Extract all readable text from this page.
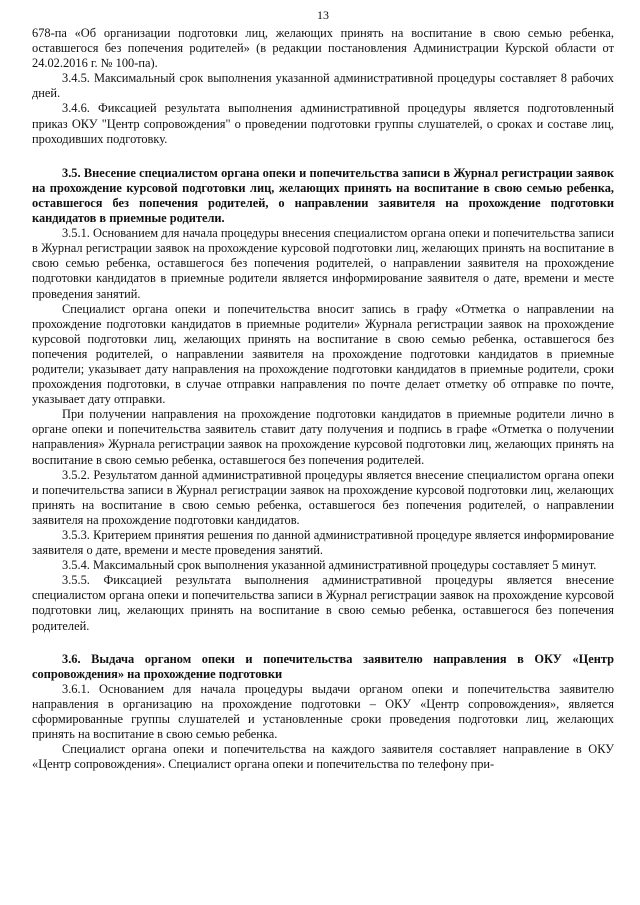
13

678-па «Об организации подготовки лиц, желающих принять на воспитание в свою семью ребенка, оставшегося без попечения родителей» (в редакции постановления Администрации Курской области от 24.02.2016 г. № 100-па).

3.4.5. Максимальный срок выполнения указанной административной процедуры составляет 8 рабочих дней.

3.4.6. Фиксацией результата выполнения административной процедуры является подготовленный приказ ОКУ "Центр сопровождения" о проведении подготовки группы слушателей, о сроках и составе лиц, проходивших подготовку.

3.5. Внесение специалистом органа опеки и попечительства записи в Журнал регистрации заявок на прохождение курсовой подготовки лиц, желающих принять на воспитание в свою семью ребенка, оставшегося без попечения родителей, о направлении заявителя на прохождение подготовки кандидатов в приемные родители.

3.5.1. Основанием для начала процедуры внесения специалистом органа опеки и попечительства записи в Журнал регистрации заявок на прохождение курсовой подготовки лиц, желающих принять на воспитание в свою семью ребенка, оставшегося без попечения родителей, о направлении заявителя на прохождение подготовки кандидатов в приемные родители является информирование заявителя о дате, времени и месте проведения занятий.

Специалист органа опеки и попечительства вносит запись в графу «Отметка о направлении на прохождение подготовки кандидатов в приемные родители» Журнала регистрации заявок на прохождение курсовой подготовки лиц, желающих принять на воспитание в свою семью ребенка, оставшегося без попечения родителей, о направлении заявителя на прохождение подготовки кандидатов в приемные родители; указывает дату направления на прохождение подготовки кандидатов в приемные родители, сроки прохождения подготовки, в случае отправки направления по почте делает отметку об отправке по почте, указывает дату отправки.

При получении направления на прохождение подготовки кандидатов в приемные родители лично в органе опеки и попечительства заявитель ставит дату получения и подпись в графе «Отметка о получении направления» Журнала регистрации заявок на прохождение курсовой подготовки лиц, желающих принять на воспитание в свою семью ребенка, оставшегося без попечения родителей.

3.5.2. Результатом данной административной процедуры является внесение специалистом органа опеки и попечительства записи в Журнал регистрации заявок на прохождение курсовой подготовки лиц, желающих принять на воспитание в свою семью ребенка, оставшегося без попечения родителей, о направлении заявителя на прохождение подготовки кандидатов.

3.5.3. Критерием принятия решения по данной административной процедуре является информирование заявителя о дате, времени и месте проведения занятий.

3.5.4. Максимальный срок выполнения указанной административной процедуры составляет 5 минут.

3.5.5. Фиксацией результата выполнения административной процедуры является внесение специалистом органа опеки и попечительства записи в Журнал регистрации заявок на прохождение курсовой подготовки лиц, желающих принять на воспитание в свою семью ребенка, оставшегося без попечения родителей.

3.6. Выдача органом опеки и попечительства заявителю направления в ОКУ «Центр сопровождения» на прохождение подготовки

3.6.1. Основанием для начала процедуры выдачи органом опеки и попечительства заявителю направления в организацию на прохождение подготовки – ОКУ «Центр сопровождения», является сформированные группы слушателей и установленные сроки проведения подготовки лиц, желающих принять на воспитание в свою семью ребенка.

Специалист органа опеки и попечительства на каждого заявителя составляет направление в ОКУ «Центр сопровождения». Специалист органа опеки и попечительства по телефону при-
